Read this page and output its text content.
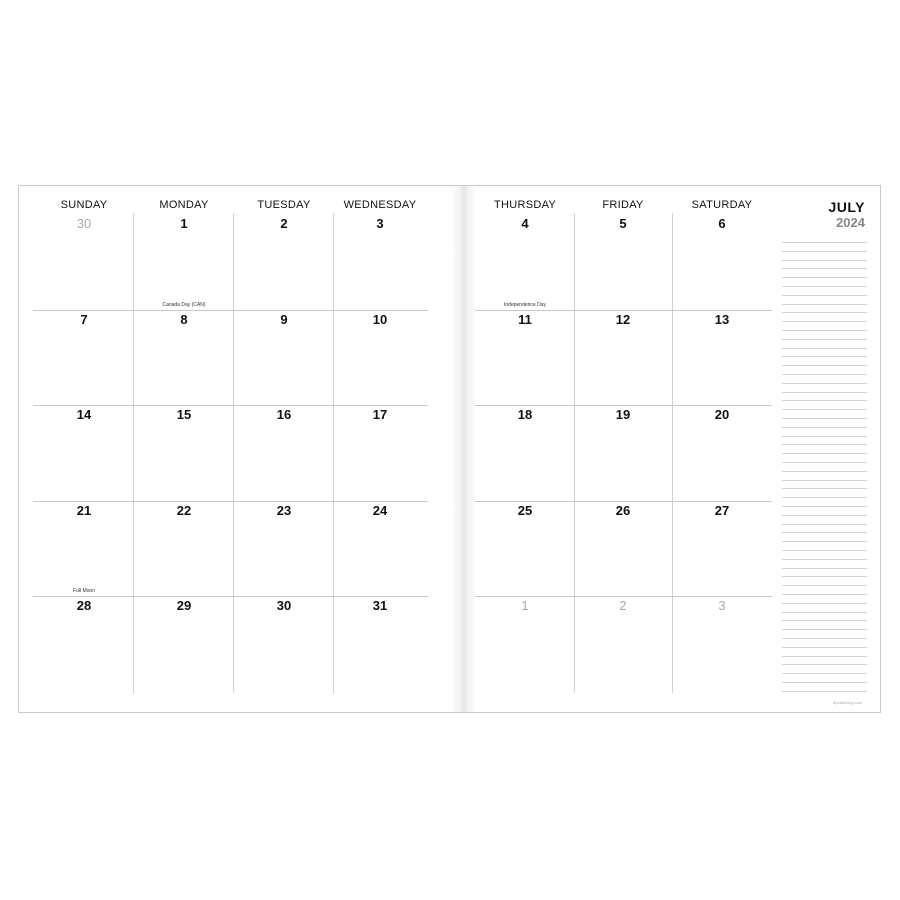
SUNDAY	MONDAY	TUESDAY	WEDNESDAY	THURSDAY	FRIDAY	SATURDAY	JULY
2024
30	1	2	3	4	5	6
7	8	9	10	11	12	13
14	15	16	17	18	19	20
21	22	23	24	25	26	27
28	29	30	31	1	2	3
Canada Day (CAN)	Independence Day
Full Moon
tfpublishing.com
